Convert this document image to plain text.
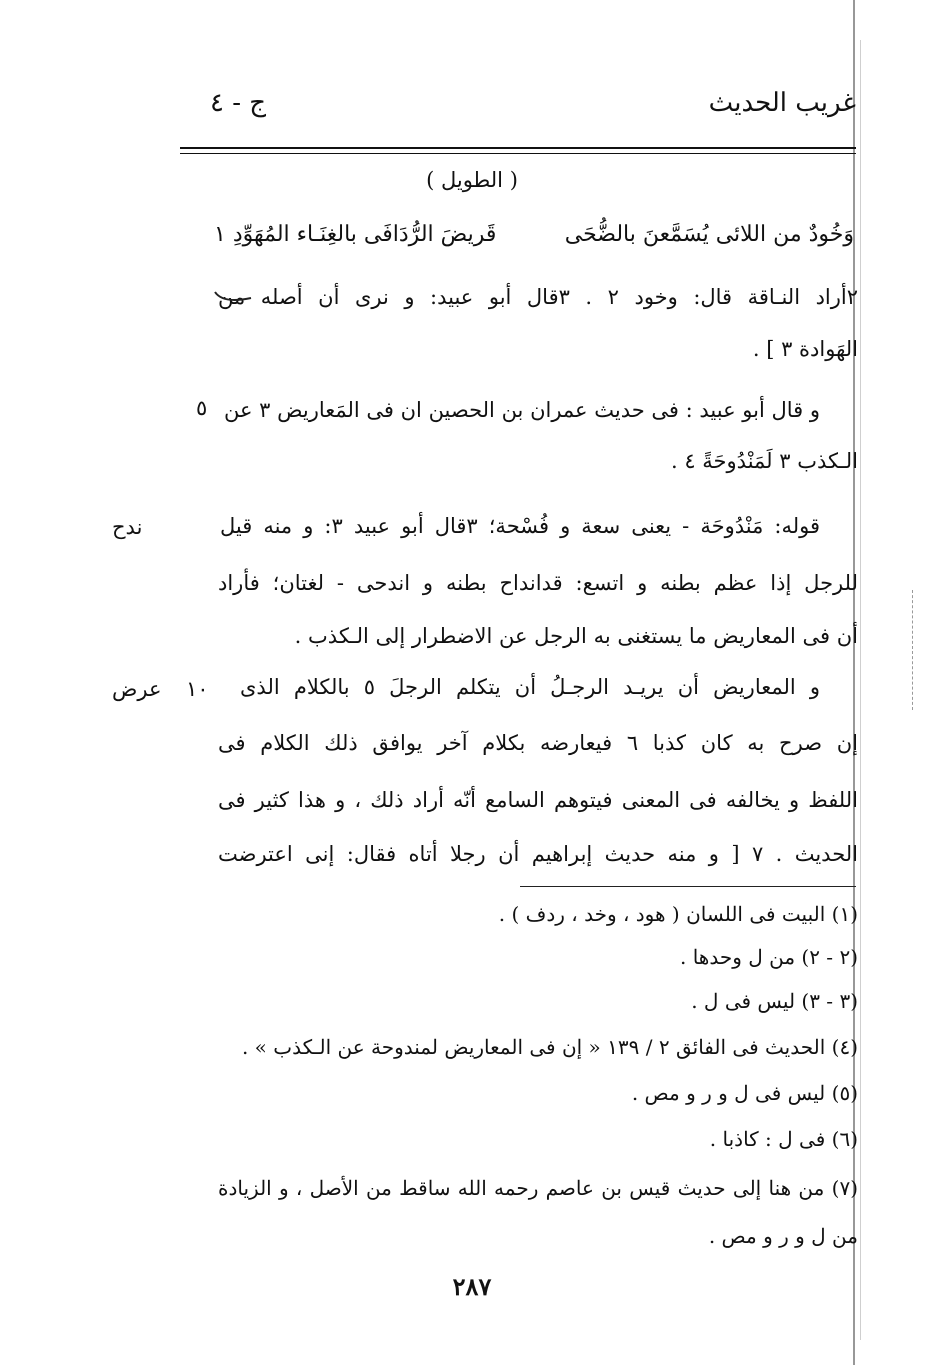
غريب الحديث
ج - ٤
( الطويل )
وَخُودٌ من اللائى يُسَمَّعنَ بالضُّحَى
قَريضَ الرُّدَافَى بالغِنَـاء المُهَوِّدِ ١
٢أراد النـاقة قال: وخود ٢ . ٣قال أبو عبيد: و نرى أن أصله من
الهَوادة ٣ ] .
و قال أبو عبيد : فى حديث عمران بن الحصين ان فى المَعاريض ٣ عن
الـكذب ٣ لَمَنْدُوحَةً ٤ .
٥
قوله: مَنْدُوحَة - يعنى سعة و فُسْحة؛ ٣قال أبو عبيد ٣: و منه قيل
ندح
للرجل إذا عظم بطنه و اتسع: قدانداح بطنه و اندحى - لغتان؛ فأراد
أن فى المعاريض ما يستغنى به الرجل عن الاضطرار إلى الـكذب .
و المعاريض أن يريـد الرجـلُ أن يتكلم الرجلَ ٥ بالكلام الذى
١٠
عرض
إن صرح به كان كذبا ٦ فيعارضه بكلام آخر يوافق ذلك الكلام فى
اللفظ و يخالفه فى المعنى فيتوهم السامع أنّه أراد ذلك ، و هذا كثير فى
الحديث . ٧ [ و منه حديث إبراهيم أن رجلا أتاه فقال: إنى اعترضت
(١) البيت فى اللسان ( هود ، وخد ، ردف ) .
(٢ - ٢) من ل وحدها .
(٣ - ٣) ليس فى ل .
(٤) الحديث فى الفائق ٢ / ١٣٩ « إن فى المعاريض لمندوحة عن الـكذب » .
(٥) ليس فى ل و ر و مص .
(٦) فى ل : كاذبا .
(٧) من هنا إلى حديث قيس بن عاصم رحمه الله ساقط من الأصل ، و الزيادة
من ل و ر و مص .
٢٨٧
